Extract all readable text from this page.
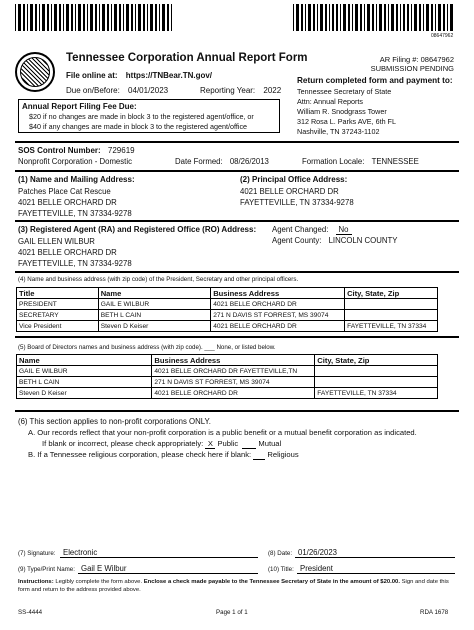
08647962
Tennessee Corporation Annual Report Form
File online at: https://TNBear.TN.gov/
Due on/Before: 04/01/2023	Reporting Year: 2022
AR Filing #: 08647962
SUBMISSION PENDING
Return completed form and payment to:
Tennessee Secretary of State
Attn: Annual Reports
William R. Snodgrass Tower
312 Rosa L. Parks AVE, 6th FL
Nashville, TN 37243-1102
Annual Report Filing Fee Due:
$20 if no changes are made in block 3 to the registered agent/office, or
$40 if any changes are made in block 3 to the registered agent/office
SOS Control Number: 729619
Nonprofit Corporation - Domestic	Date Formed: 08/26/2013	Formation Locale: TENNESSEE
(1) Name and Mailing Address:
Patches Place Cat Rescue
4021 BELLE ORCHARD DR
FAYETTEVILLE, TN 37334-9278
(2) Principal Office Address:
4021 BELLE ORCHARD DR
FAYETTEVILLE, TN 37334-9278
(3) Registered Agent (RA) and Registered Office (RO) Address:
GAIL ELLEN WILBUR
4021 BELLE ORCHARD DR
FAYETTEVILLE, TN 37334-9278
Agent Changed: No
Agent County: LINCOLN COUNTY
(4) Name and business address (with zip code) of the President, Secretary and other principal officers.
Title	Name	Business Address	City, State, Zip
PRESIDENT	GAIL E WILBUR	4021 BELLE ORCHARD DR	
SECRETARY	BETH L CAIN	271 N DAVIS ST FORREST, MS 39074	
Vice President	Steven D Keiser	4021 BELLE ORCHARD DR	FAYETTEVILLE, TN 37334
(5) Board of Directors names and business address (with zip code). ___ None, or listed below.
Name	Business Address	City, State, Zip
GAIL E WILBUR	4021 BELLE ORCHARD DR FAYETTEVILLE,TN	
BETH L CAIN	271 N DAVIS ST FORREST, MS 39074	
Steven D Keiser	4021 BELLE ORCHARD DR	FAYETTEVILLE, TN 37334
(6) This section applies to non-profit corporations ONLY.
A. Our records reflect that your non-profit corporation is a public benefit or a mutual benefit corporation as indicated.
If blank or incorrect, please check appropriately: X Public	Mutual
B. If a Tennessee religious corporation, please check here if blank:   Religious
(7) Signature: Electronic	(8) Date: 01/26/2023
(9) Type/Print Name: Gail E Wilbur	(10) Title: President
Instructions: Legibly complete the form above. Enclose a check made payable to the Tennessee Secretary of State in the amount of $20.00. Sign and date this form and return to the address provided above.
SS-4444	Page 1 of 1	RDA 1678
